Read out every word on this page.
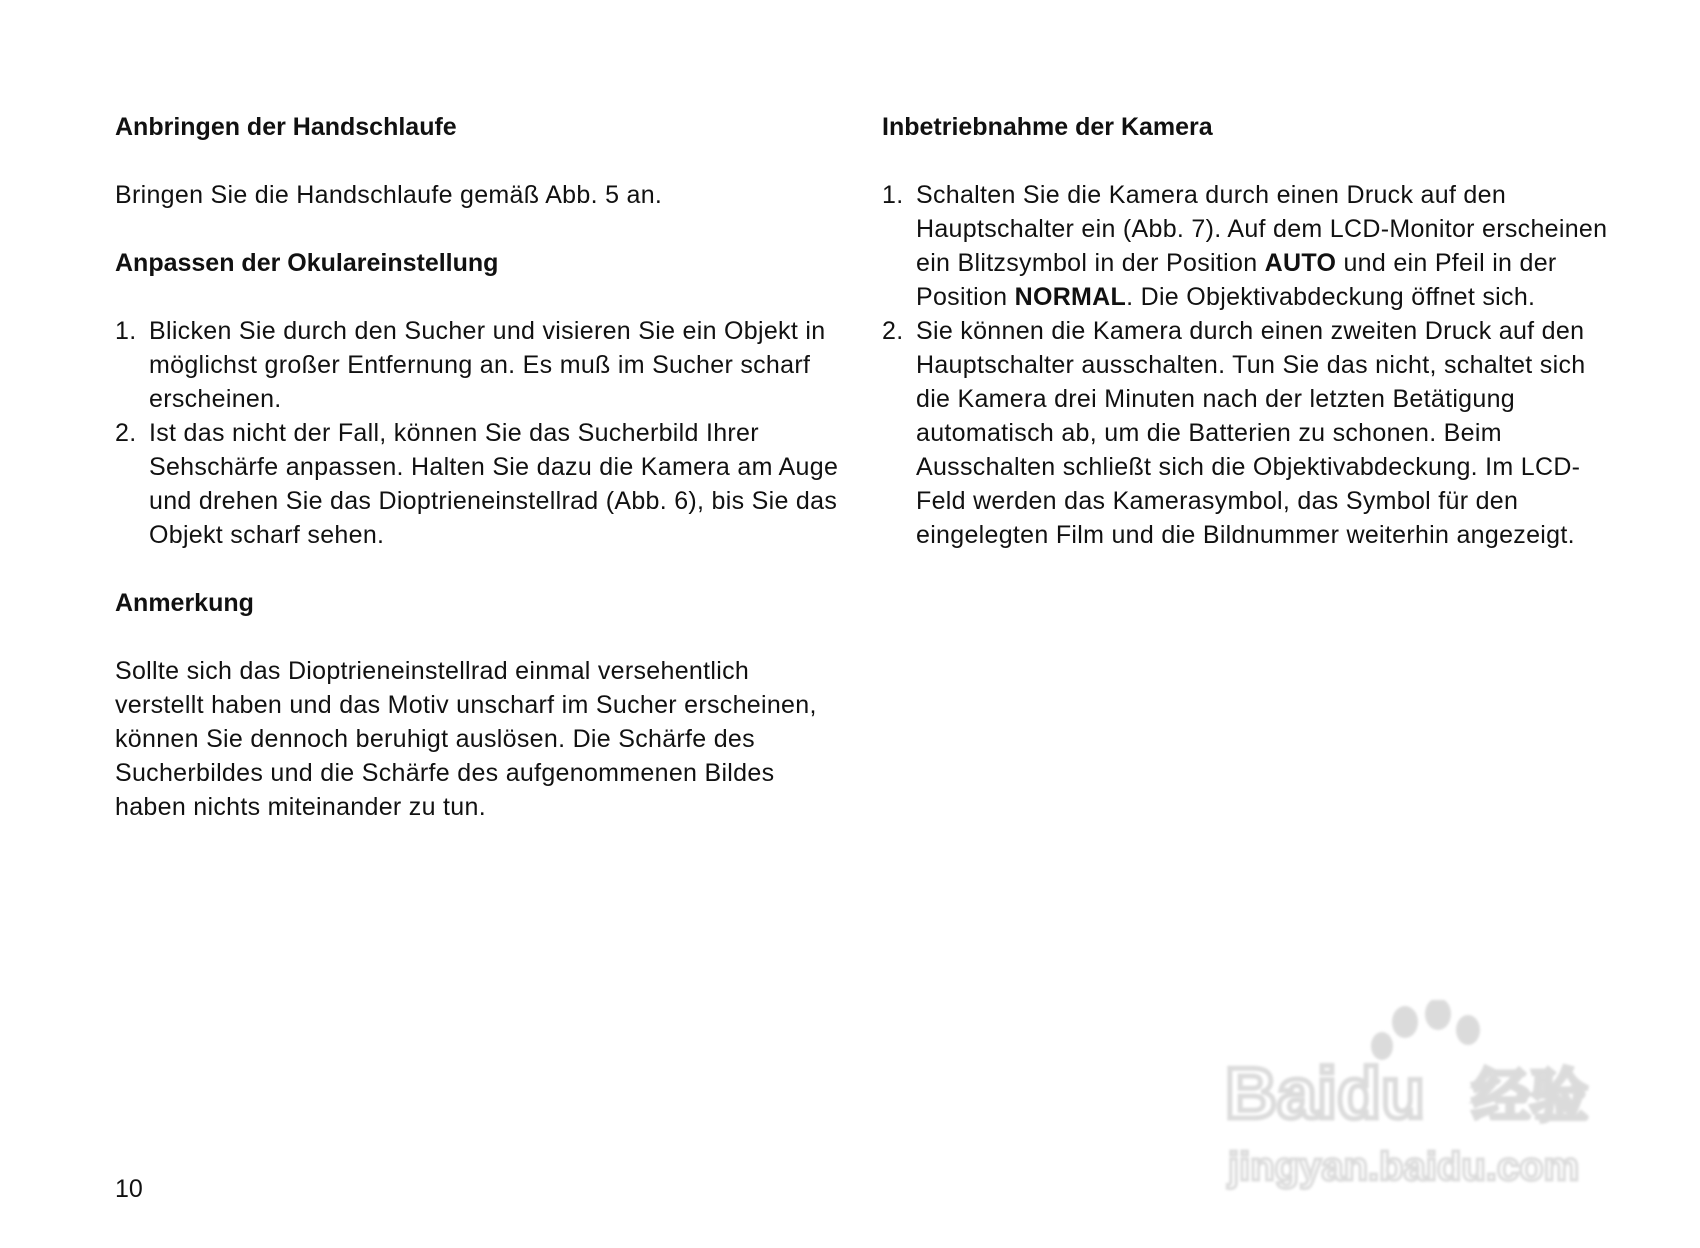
Anbringen der Handschlaufe

Bringen Sie die Handschlaufe gemäß Abb. 5 an.

Anpassen der Okulareinstellung
1. Blicken Sie durch den Sucher und visieren Sie ein Objekt in möglichst großer Entfernung an. Es muß im Sucher scharf erscheinen.
2. Ist das nicht der Fall, können Sie das Sucherbild Ihrer Sehschärfe anpassen. Halten Sie dazu die Kamera am Auge und drehen Sie das Dioptrieneinstellrad (Abb. 6), bis Sie das Objekt scharf sehen.
Anmerkung

Sollte sich das Dioptrieneinstellrad einmal versehentlich verstellt haben und das Motiv unscharf im Sucher erscheinen, können Sie dennoch beruhigt auslösen. Die Schärfe des Sucherbildes und die Schärfe des aufgenommenen Bildes haben nichts miteinander zu tun.

Inbetriebnahme der Kamera
1. Schalten Sie die Kamera durch einen Druck auf den Hauptschalter ein (Abb. 7). Auf dem LCD-Monitor erscheinen ein Blitzsymbol in der Position AUTO und ein Pfeil in der Position NORMAL. Die Objektivabdeckung öffnet sich.
2. Sie können die Kamera durch einen zweiten Druck auf den Hauptschalter ausschalten. Tun Sie das nicht, schaltet sich die Kamera drei Minuten nach der letzten Betätigung automatisch ab, um die Batterien zu schonen. Beim Ausschalten schließt sich die Objektivabdeckung. Im LCD-Feld werden das Kamerasymbol, das Symbol für den eingelegten Film und die Bildnummer weiterhin angezeigt.
10
Baidu 经验
jingyan.baidu.com
